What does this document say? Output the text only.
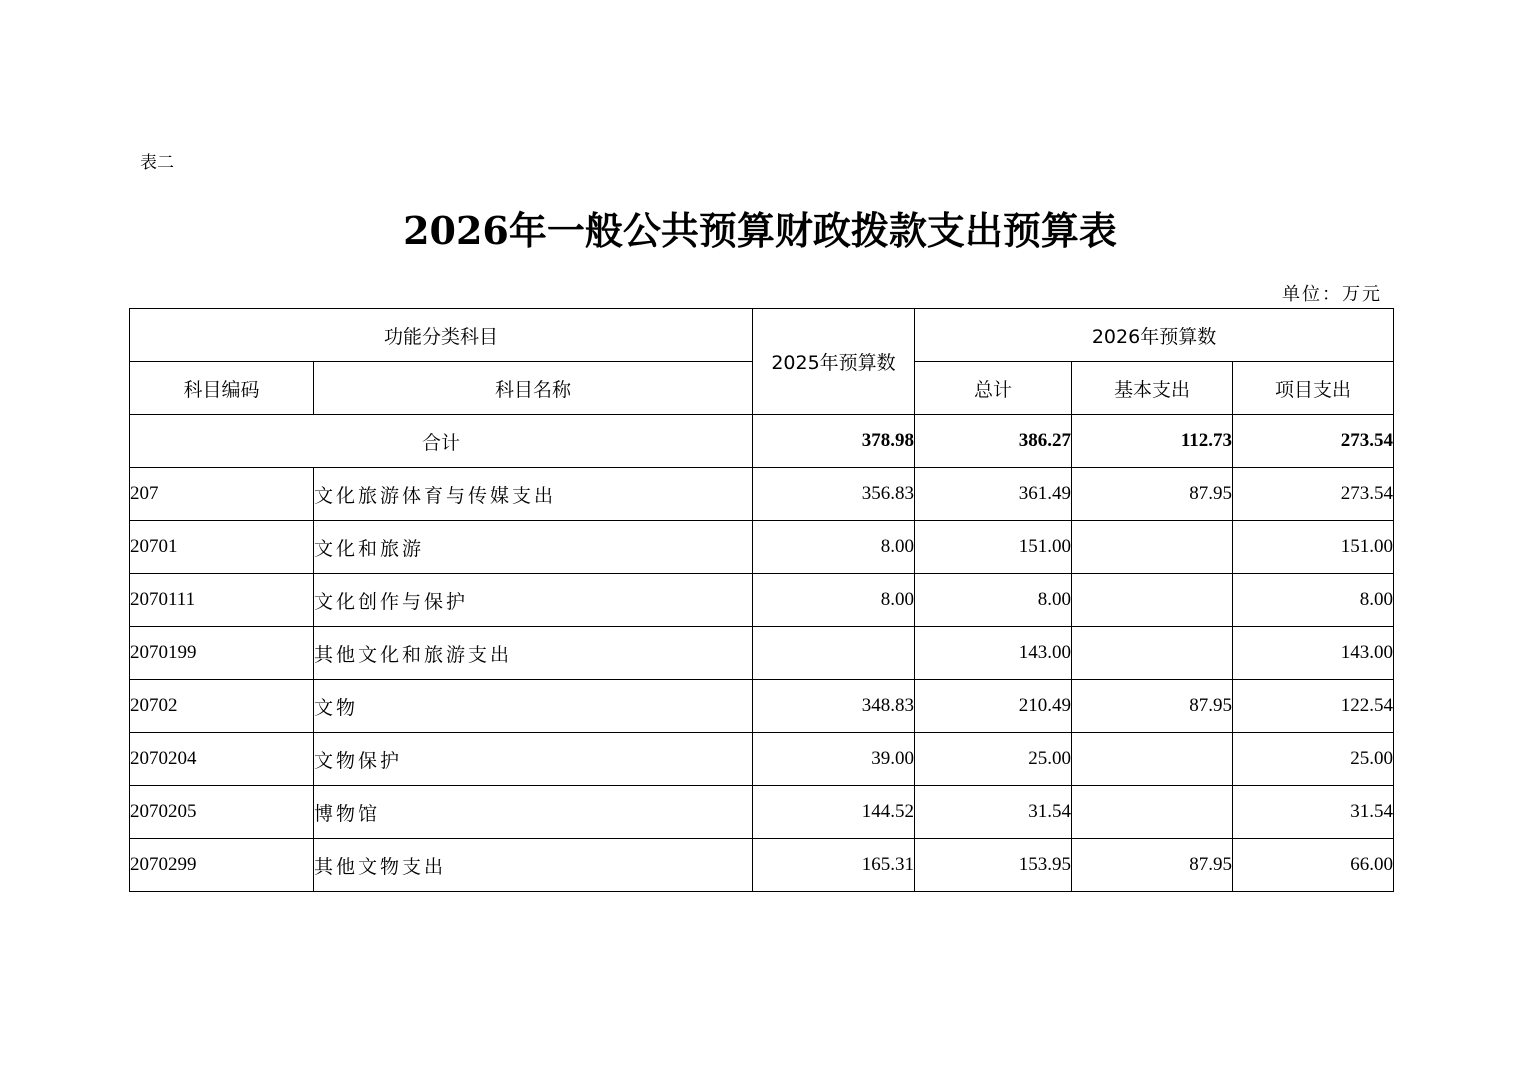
表二
2026年一般公共预算财政拨款支出预算表
单位：万元
功能分类科目		2025年预算数	2026年预算数		
科目编码	科目名称		总计	基本支出	项目支出
合计		378.98	386.27	112.73	273.54
207	文化旅游体育与传媒支出	356.83	361.49	87.95	273.54
20701	文化和旅游	8.00	151.00		151.00
2070111	文化创作与保护	8.00	8.00		8.00
2070199	其他文化和旅游支出		143.00		143.00
20702	文物	348.83	210.49	87.95	122.54
2070204	文物保护	39.00	25.00		25.00
2070205	博物馆	144.52	31.54		31.54
2070299	其他文物支出	165.31	153.95	87.95	66.00
